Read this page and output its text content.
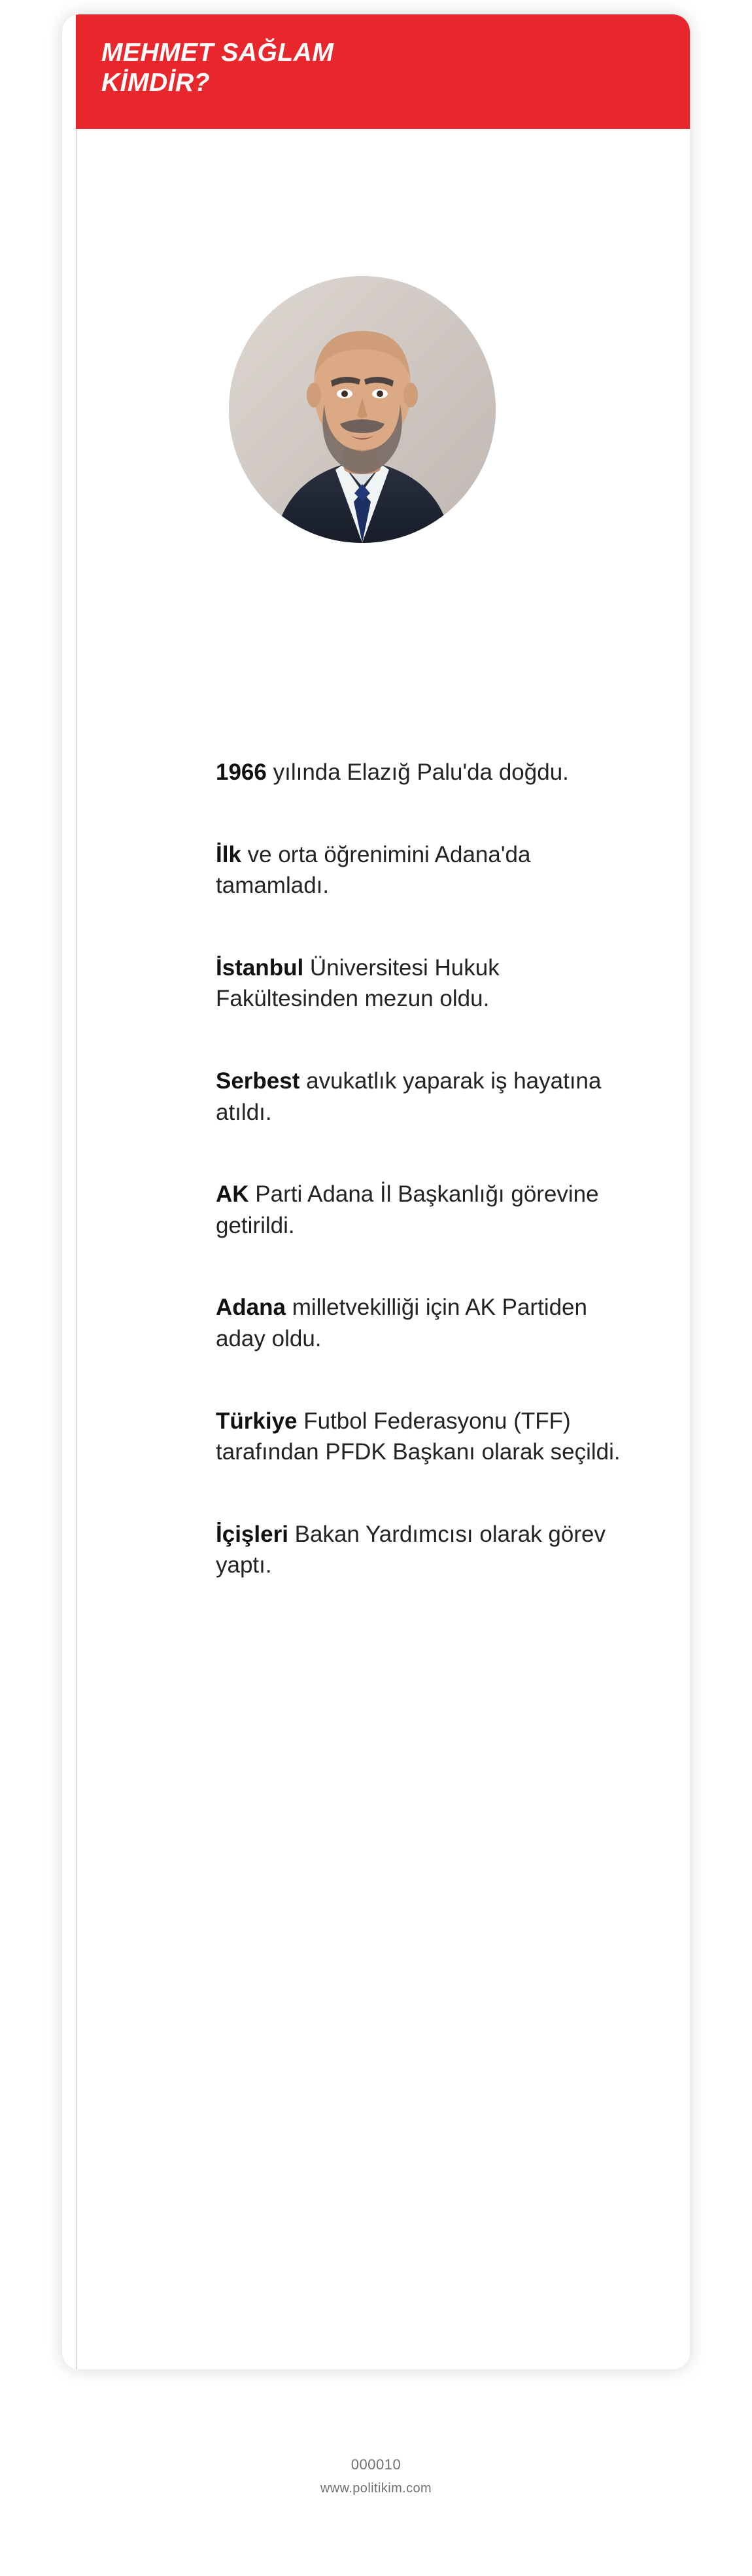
MEHMET SAĞLAM
KİMDİR?

1966 yılında Elazığ Palu'da doğdu.

İlk ve orta öğrenimini Adana'da tamamladı.

İstanbul Üniversitesi Hukuk Fakültesinden mezun oldu.

Serbest avukatlık yaparak iş hayatına atıldı.

AK Parti Adana İl Başkanlığı görevine getirildi.

Adana milletvekilliği için AK Partiden aday oldu.

Türkiye Futbol Federasyonu (TFF) tarafından PFDK Başkanı olarak seçildi.

İçişleri Bakan Yardımcısı olarak görev yaptı.

000010
www.politikim.com
